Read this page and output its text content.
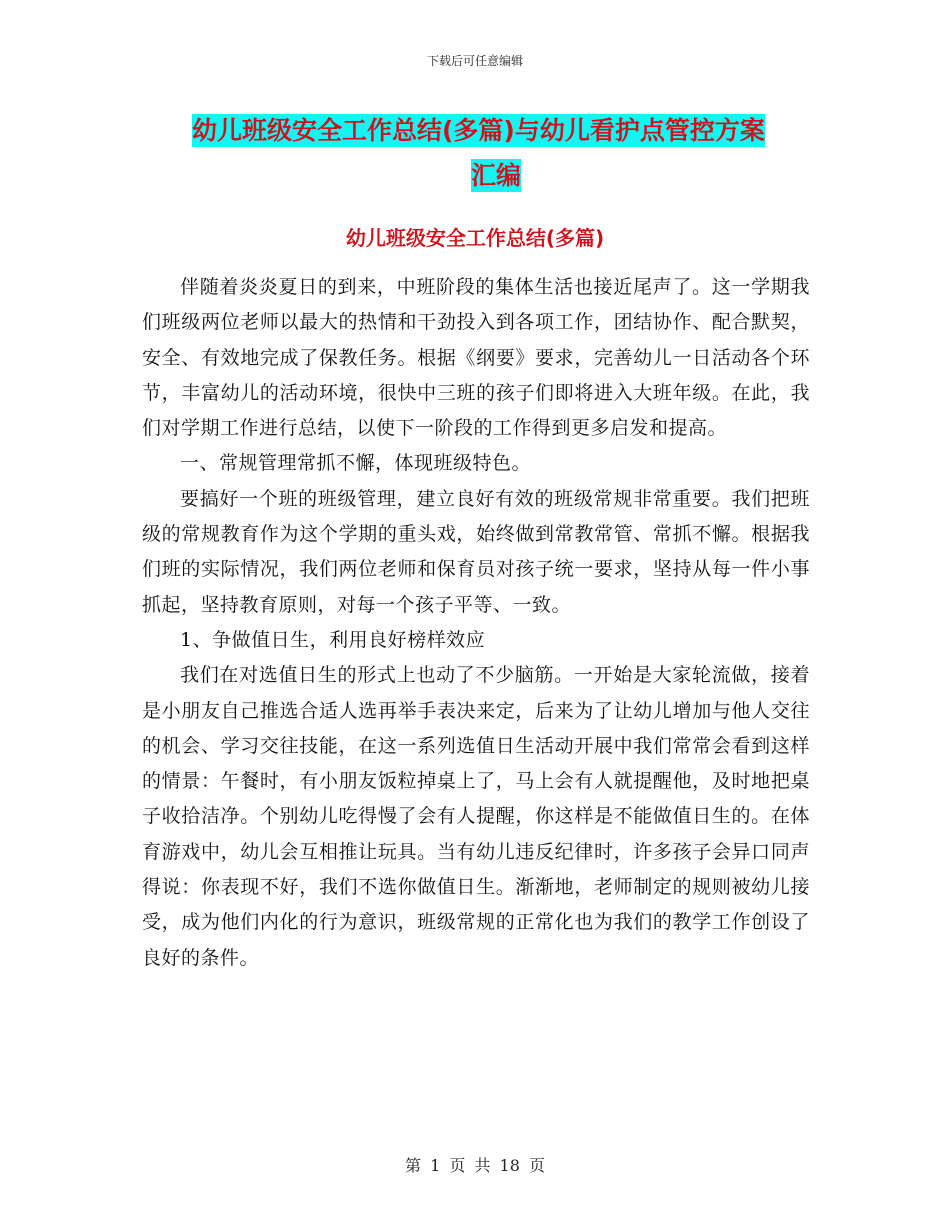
下载后可任意编辑
幼儿班级安全工作总结(多篇)与幼儿看护点管控方案
汇编
幼儿班级安全工作总结(多篇)

伴随着炎炎夏日的到来，中班阶段的集体生活也接近尾声了。这一学期我们班级两位老师以最大的热情和干劲投入到各项工作，团结协作、配合默契，安全、有效地完成了保教任务。根据《纲要》要求，完善幼儿一日活动各个环节，丰富幼儿的活动环境，很快中三班的孩子们即将进入大班年级。在此，我们对学期工作进行总结，以使下一阶段的工作得到更多启发和提高。

一、常规管理常抓不懈，体现班级特色。

要搞好一个班的班级管理，建立良好有效的班级常规非常重要。我们把班级的常规教育作为这个学期的重头戏，始终做到常教常管、常抓不懈。根据我们班的实际情况，我们两位老师和保育员对孩子统一要求，坚持从每一件小事抓起，坚持教育原则，对每一个孩子平等、一致。

1、争做值日生，利用良好榜样效应

我们在对选值日生的形式上也动了不少脑筋。一开始是大家轮流做，接着是小朋友自己推选合适人选再举手表决来定，后来为了让幼儿增加与他人交往的机会、学习交往技能，在这一系列选值日生活动开展中我们常常会看到这样的情景：午餐时，有小朋友饭粒掉桌上了，马上会有人就提醒他，及时地把桌子收拾洁净。个别幼儿吃得慢了会有人提醒，你这样是不能做值日生的。在体育游戏中，幼儿会互相推让玩具。当有幼儿违反纪律时，许多孩子会异口同声得说：你表现不好，我们不选你做值日生。渐渐地，老师制定的规则被幼儿接受，成为他们内化的行为意识，班级常规的正常化也为我们的教学工作创设了良好的条件。

第 1 页 共 18 页
